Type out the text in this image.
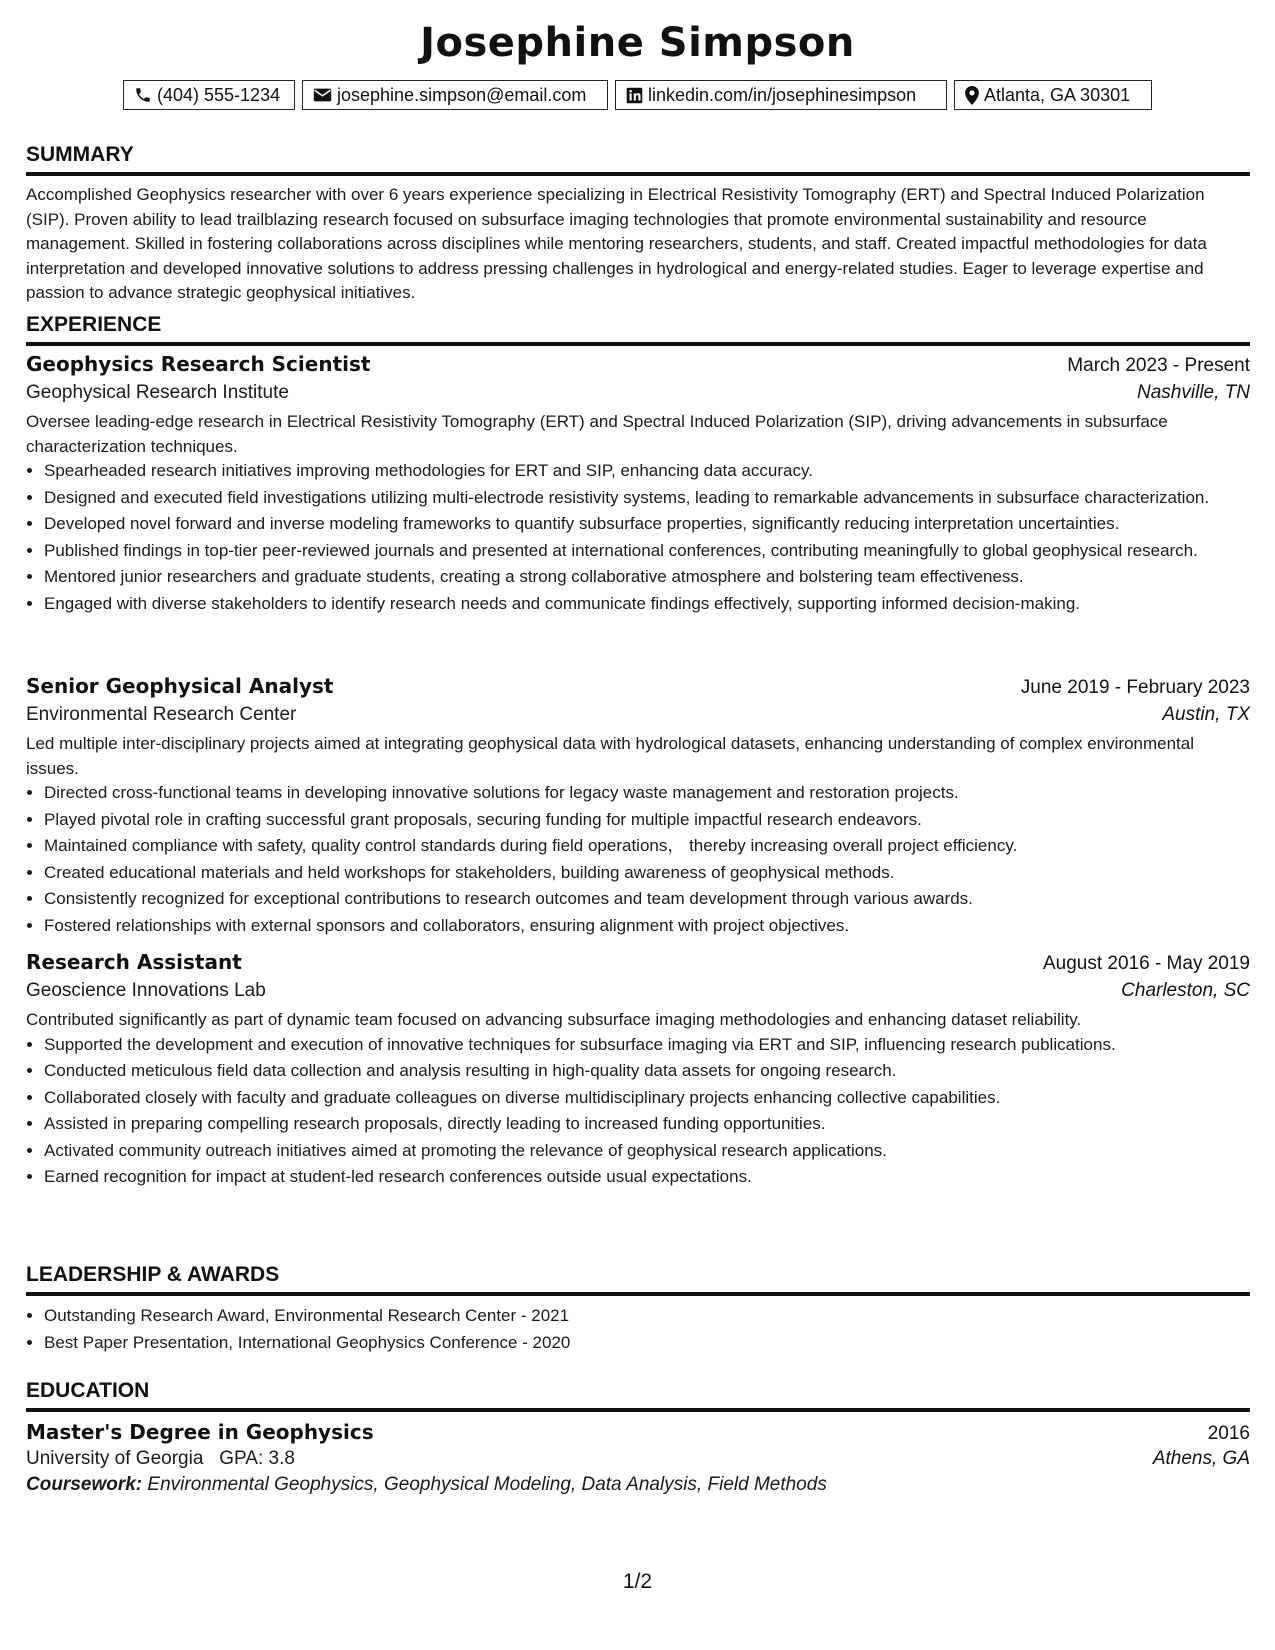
Josephine Simpson
(404) 555-1234	josephine.simpson@email.com	linkedin.com/in/josephinesimpson	Atlanta, GA 30301
SUMMARY
Accomplished Geophysics researcher with over 6 years experience specializing in Electrical Resistivity Tomography (ERT) and Spectral Induced Polarization (SIP). Proven ability to lead trailblazing research focused on subsurface imaging technologies that promote environmental sustainability and resource management. Skilled in fostering collaborations across disciplines while mentoring researchers, students, and staff. Created impactful methodologies for data interpretation and developed innovative solutions to address pressing challenges in hydrological and energy-related studies. Eager to leverage expertise and passion to advance strategic geophysical initiatives.
EXPERIENCE
Geophysics Research Scientist	March 2023 - Present
Geophysical Research Institute	Nashville, TN
Oversee leading-edge research in Electrical Resistivity Tomography (ERT) and Spectral Induced Polarization (SIP), driving advancements in subsurface characterization techniques.
• Spearheaded research initiatives improving methodologies for ERT and SIP, enhancing data accuracy.
• Designed and executed field investigations utilizing multi-electrode resistivity systems, leading to remarkable advancements in subsurface characterization.
• Developed novel forward and inverse modeling frameworks to quantify subsurface properties, significantly reducing interpretation uncertainties.
• Published findings in top-tier peer-reviewed journals and presented at international conferences, contributing meaningfully to global geophysical research.
• Mentored junior researchers and graduate students, creating a strong collaborative atmosphere and bolstering team effectiveness.
• Engaged with diverse stakeholders to identify research needs and communicate findings effectively, supporting informed decision-making.
Senior Geophysical Analyst	June 2019 - February 2023
Environmental Research Center	Austin, TX
Led multiple inter-disciplinary projects aimed at integrating geophysical data with hydrological datasets, enhancing understanding of complex environmental issues.
• Directed cross-functional teams in developing innovative solutions for legacy waste management and restoration projects.
• Played pivotal role in crafting successful grant proposals, securing funding for multiple impactful research endeavors.
• Maintained compliance with safety, quality control standards during field operations， thereby increasing overall project efficiency.
• Created educational materials and held workshops for stakeholders, building awareness of geophysical methods.
• Consistently recognized for exceptional contributions to research outcomes and team development through various awards.
• Fostered relationships with external sponsors and collaborators, ensuring alignment with project objectives.
Research Assistant	August 2016 - May 2019
Geoscience Innovations Lab	Charleston, SC
Contributed significantly as part of dynamic team focused on advancing subsurface imaging methodologies and enhancing dataset reliability.
• Supported the development and execution of innovative techniques for subsurface imaging via ERT and SIP, influencing research publications.
• Conducted meticulous field data collection and analysis resulting in high-quality data assets for ongoing research.
• Collaborated closely with faculty and graduate colleagues on diverse multidisciplinary projects enhancing collective capabilities.
• Assisted in preparing compelling research proposals, directly leading to increased funding opportunities.
• Activated community outreach initiatives aimed at promoting the relevance of geophysical research applications.
• Earned recognition for impact at student-led research conferences outside usual expectations.
LEADERSHIP & AWARDS
• Outstanding Research Award, Environmental Research Center - 2021
• Best Paper Presentation, International Geophysics Conference - 2020
EDUCATION
Master's Degree in Geophysics	2016
University of Georgia GPA: 3.8	Athens, GA
Coursework: Environmental Geophysics, Geophysical Modeling, Data Analysis, Field Methods
1/2
